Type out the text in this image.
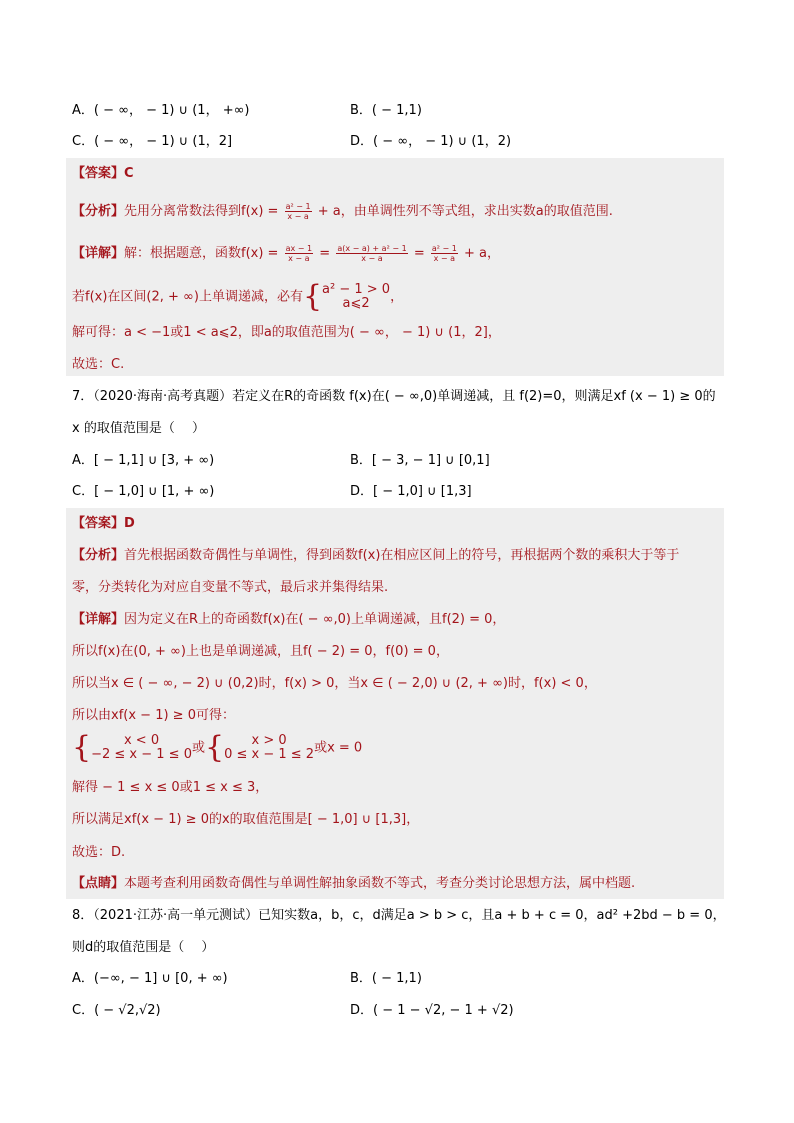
A．( − ∞， − 1) ∪ (1， +∞)	B．( − 1,1)
C．( − ∞， − 1) ∪ (1，2]	D．( − ∞， − 1) ∪ (1，2)
【答案】C
【分析】先用分离常数法得到$f(x) = \frac{\text{a² − 1}}{x - a} + a$，由单调性列不等式组，求出实数a的取值范围.
【详解】解：根据题意，函数$f(x) = \frac{ax - 1}{x - a} = \frac{\text{a(x − a) + a² − 1}}{x - a} = \frac{\text{a² − 1}}{x - a} + a$，
若f(x)在区间(2, + ∞)上单调递减，必有{ a² − 1 > 0
a⩽2	，
解可得：a < −1或1 < a⩽2，即a的取值范围为( − ∞， − 1) ∪ (1，2]，
故选：C.
7．（2020·海南·高考真题）若定义在R的奇函数 f(x)在( − ∞,0)单调递减，且 f(2)=0，则满足xf (x − 1) ≥ 0的
x 的取值范围是（　 ）
A．[ − 1,1] ∪ [3, + ∞)	B．[ − 3, − 1] ∪ [0,1]
C．[ − 1,0] ∪ [1, + ∞)	D．[ − 1,0] ∪ [1,3]
【答案】D
【分析】首先根据函数奇偶性与单调性，得到函数f(x)在相应区间上的符号，再根据两个数的乘积大于等于
零，分类转化为对应自变量不等式，最后求并集得结果.
【详解】因为定义在R上的奇函数f(x)在( − ∞,0)上单调递减，且f(2) = 0，
所以f(x)在(0, + ∞)上也是单调递减，且f( − 2) = 0，f(0) = 0，
所以当x ∈ ( − ∞, − 2) ∪ (0,2)时，f(x) > 0，当x ∈ ( − 2,0) ∪ (2, + ∞)时，f(x) < 0，
所以由xf(x − 1) ≥ 0可得：
{	x < 0
−2 ≤ x − 1 ≤ 0 或{	x > 0
0 ≤ x − 1 ≤ 2 或x = 0
解得 − 1 ≤ x ≤ 0或1 ≤ x ≤ 3，
所以满足xf(x − 1) ≥ 0的x的取值范围是[ − 1,0] ∪ [1,3]，
故选：D.
【点睛】本题考查利用函数奇偶性与单调性解抽象函数不等式，考查分类讨论思想方法，属中档题.
8．（2021·江苏·高一单元测试）已知实数a，b，c，d满足a > b > c，且a + b + c = 0，ad² +2bd − b = 0，
则d的取值范围是（　 ）
A．(−∞, − 1] ∪ [0, + ∞)	B．( − 1,1)
C．( − √2,√2)	D．( − 1 − √2, − 1 + √2)
